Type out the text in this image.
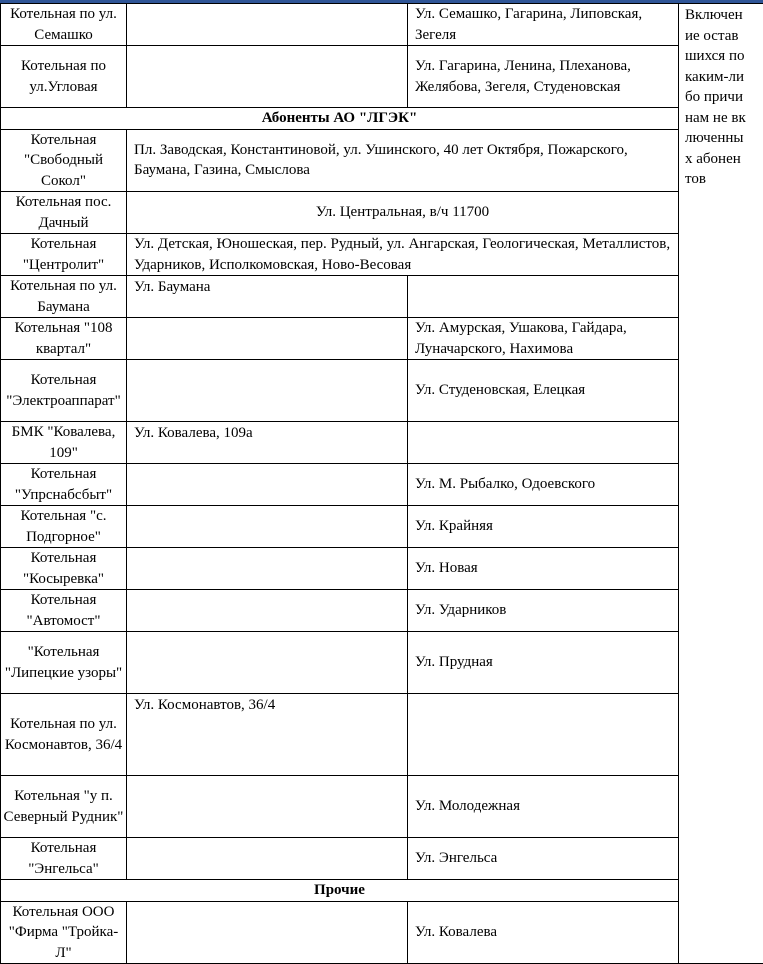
Котельная по ул. Семашко		Ул. Семашко, Гагарина, Липовская, Зегеля	Включение оставшихся по каким-либо причинам не включенных абонентов

Котельная по ул.Угловая		Ул. Гагарина, Ленина, Плеханова, Желябова, Зегеля, Студеновская	
Абоненты АО "ЛГЭК"			
Котельная "Свободный Сокол"	Пл. Заводская, Константиновой, ул. Ушинского, 40 лет Октября, Пожарского, Баумана, Газина, Смыслова		
Котельная пос. Дачный	Ул. Центральная, в/ч 11700		
Котельная "Центролит"	Ул. Детская, Юношеская, пер. Рудный, ул. Ангарская, Геологическая, Металлистов, Ударников, Исполкомовская, Ново-Весовая		
Котельная по ул. Баумана	Ул. Баумана		
Котельная "108 квартал"		Ул. Амурская, Ушакова, Гайдара, Луначарского, Нахимова	
Котельная "Электроаппарат"		Ул. Студеновская, Елецкая	
БМК "Ковалева, 109"	Ул. Ковалева, 109а		
Котельная "Упрснабсбыт"		Ул. М. Рыбалко, Одоевского	
Котельная "с. Подгорное"		Ул. Крайняя	
Котельная "Косыревка"		Ул. Новая	
Котельная "Автомост"		Ул. Ударников	
"Котельная "Липецкие узоры"		Ул. Прудная	
Котельная по ул. Космонавтов, 36/4	Ул. Космонавтов, 36/4		
Котельная "у п. Северный Рудник"		Ул. Молодежная	
Котельная "Энгельса"		Ул. Энгельса	
Прочие			
Котельная ООО "Фирма "Тройка-Л"		Ул. Ковалева	
